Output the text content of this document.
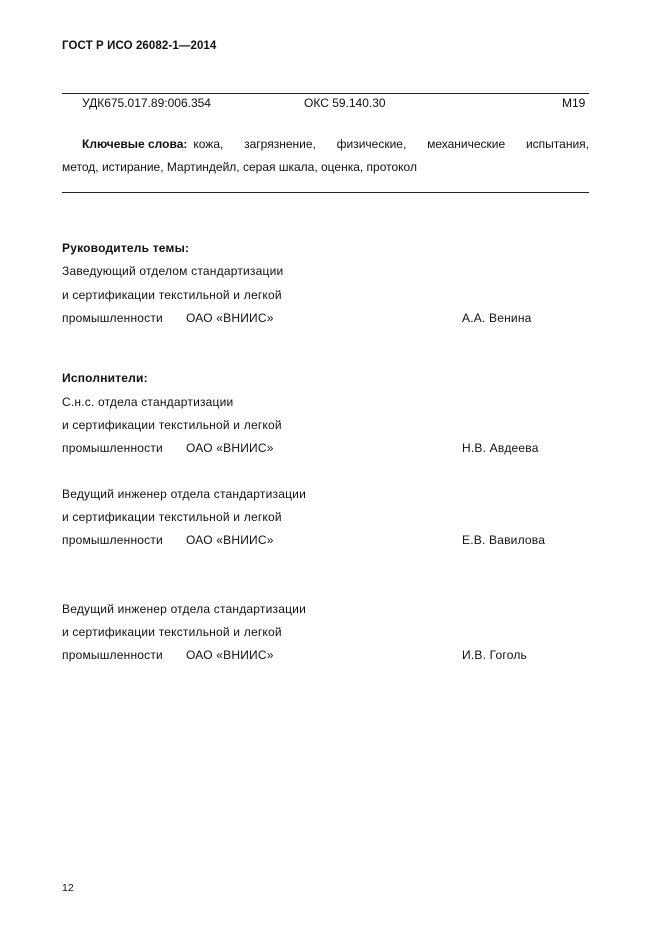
ГОСТ Р ИСО 26082-1—2014
УДК675.017.89:006.354	ОКС 59.140.30	М19
Ключевые слова: кожа, загрязнение, физические, механические испытания,
метод, истирание, Мартиндейл, серая шкала, оценка, протокол
Руководитель темы:
Заведующий отделом стандартизации
и сертификации текстильной и легкой
промышленности ОАО «ВНИИС»	А.А. Венина
Исполнители:
С.н.с. отдела стандартизации
и сертификации текстильной и легкой
промышленности ОАО «ВНИИС»	Н.В. Авдеева
Ведущий инженер отдела стандартизации
и сертификации текстильной и легкой
промышленности ОАО «ВНИИС»	Е.В. Вавилова
Ведущий инженер отдела стандартизации
и сертификации текстильной и легкой
промышленности ОАО «ВНИИС»	И.В. Гоголь
12
